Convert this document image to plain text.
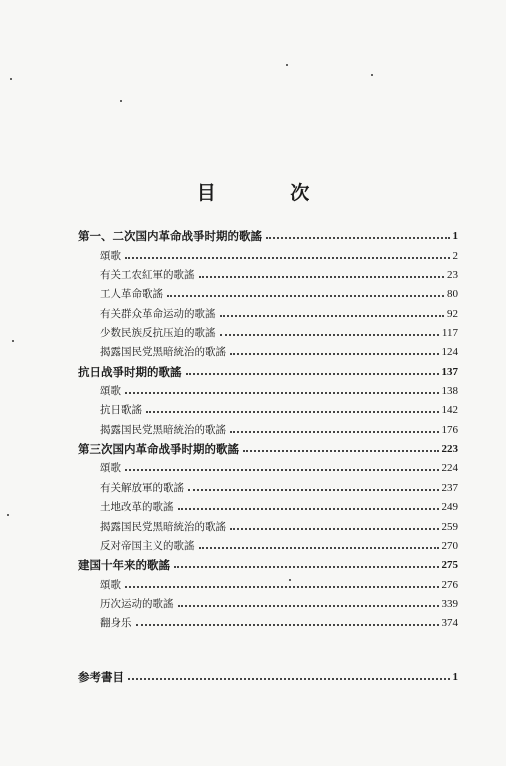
目 次
第一、二次国内革命战爭时期的歌謠	1
頌歌	2
有关工农紅軍的歌謠	23
工人革命歌謠	80
有关群众革命运动的歌謠	92
少数民族反抗压迫的歌謠	117
揭露国民党黑暗統治的歌謠	124
抗日战爭时期的歌謠	137
頌歌	138
抗日歌謠	142
揭露国民党黑暗統治的歌謠	176
第三次国内革命战爭时期的歌謠	223
頌歌	224
有关解放軍的歌謠	237
土地改革的歌謠	249
揭露国民党黑暗統治的歌謠	259
反对帝国主义的歌謠	270
建国十年来的歌謠	275
頌歌	276
历次运动的歌謠	339
翻身乐	374
参考書目	1
